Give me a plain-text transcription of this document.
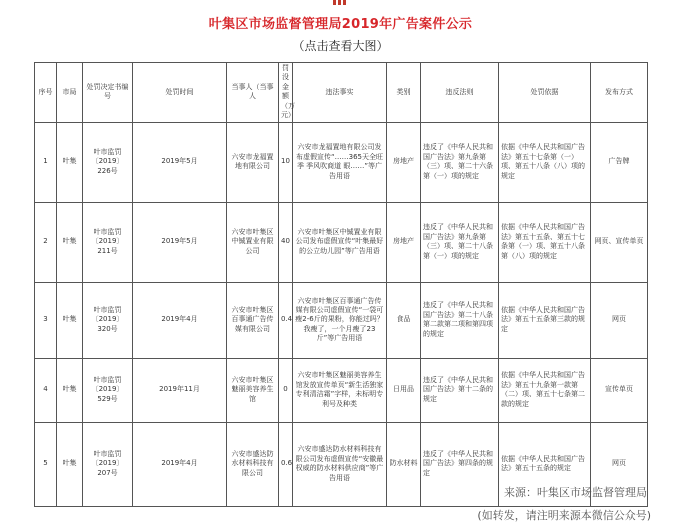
叶集区市场监督管理局2019年广告案件公示
（点击查看大图）
序号	市局	处罚决定书编号	处罚时间	当事人（当事人	罚没金额（万元）	违法事实	类别	违反法则	处罚依据	发布方式
1	叶集	叶市监罚〔2019〕226号	2019年5月	六安市龙福置地有限公司	10	六安市龙福置地有限公司发布虚假宣传“……365天全旺季 季风吹商道 眼……”等广告用语	房地产	违反了《中华人民共和国广告法》第九条第（三）项、第二十六条第（一）项的规定	依据《中华人民共和国广告法》第五十七条第（一）项、第五十八条（八）项的规定	广告牌
2	叶集	叶市监罚〔2019〕211号	2019年5月	六安市叶集区中铖置业有限公司	40	六安市叶集区中铖置业有限公司发布虚假宣传“叶集最好的公立幼儿园”等广告用语	房地产	违反了《中华人民共和国广告法》第九条第（三）项、第二十八条第（一）项的规定	依据《中华人民共和国广告法》第五十五条、第五十七条第（一）项、第五十八条第（八）项的规定	网页、宣传单页
3	叶集	叶市监罚〔2019〕320号	2019年4月	六安市叶集区百事通广告传媒有限公司	0.4	六安市叶集区百事通广告传媒有限公司虚假宣传“一袋可瘦2-6斤的果粉，你能过吗？我瘦了，一个月瘦了23斤”等广告用语	食品	违反了《中华人民共和国广告法》第二十八条第二款第二项和第四项的规定	依据《中华人民共和国广告法》第五十五条第三款的规定	网页
4	叶集	叶市监罚〔2019〕529号	2019年11月	六安市叶集区魅丽美容养生馆	0	六安市叶集区魅丽美容养生馆发放宣传单页“新生活独家专利清洁霜”字样，未标明专利号及种类	日用品	违反了《中华人民共和国广告法》第十二条的规定	依据《中华人民共和国广告法》第五十九条第一款第（二）项、第五十七条第二款的规定	宣传单页
5	叶集	叶市监罚〔2019〕207号	2019年4月	六安市盛达防水材料科技有限公司	0.6	六安市盛达防水材料科技有限公司发布虚假宣传“安徽最权威的防水材料供应商”等广告用语	防水材料	违反了《中华人民共和国广告法》第四条的规定	依据《中华人民共和国广告法》第五十五条的规定	网页
来源：叶集区市场监督管理局
(如转发，请注明来源本微信公众号)
